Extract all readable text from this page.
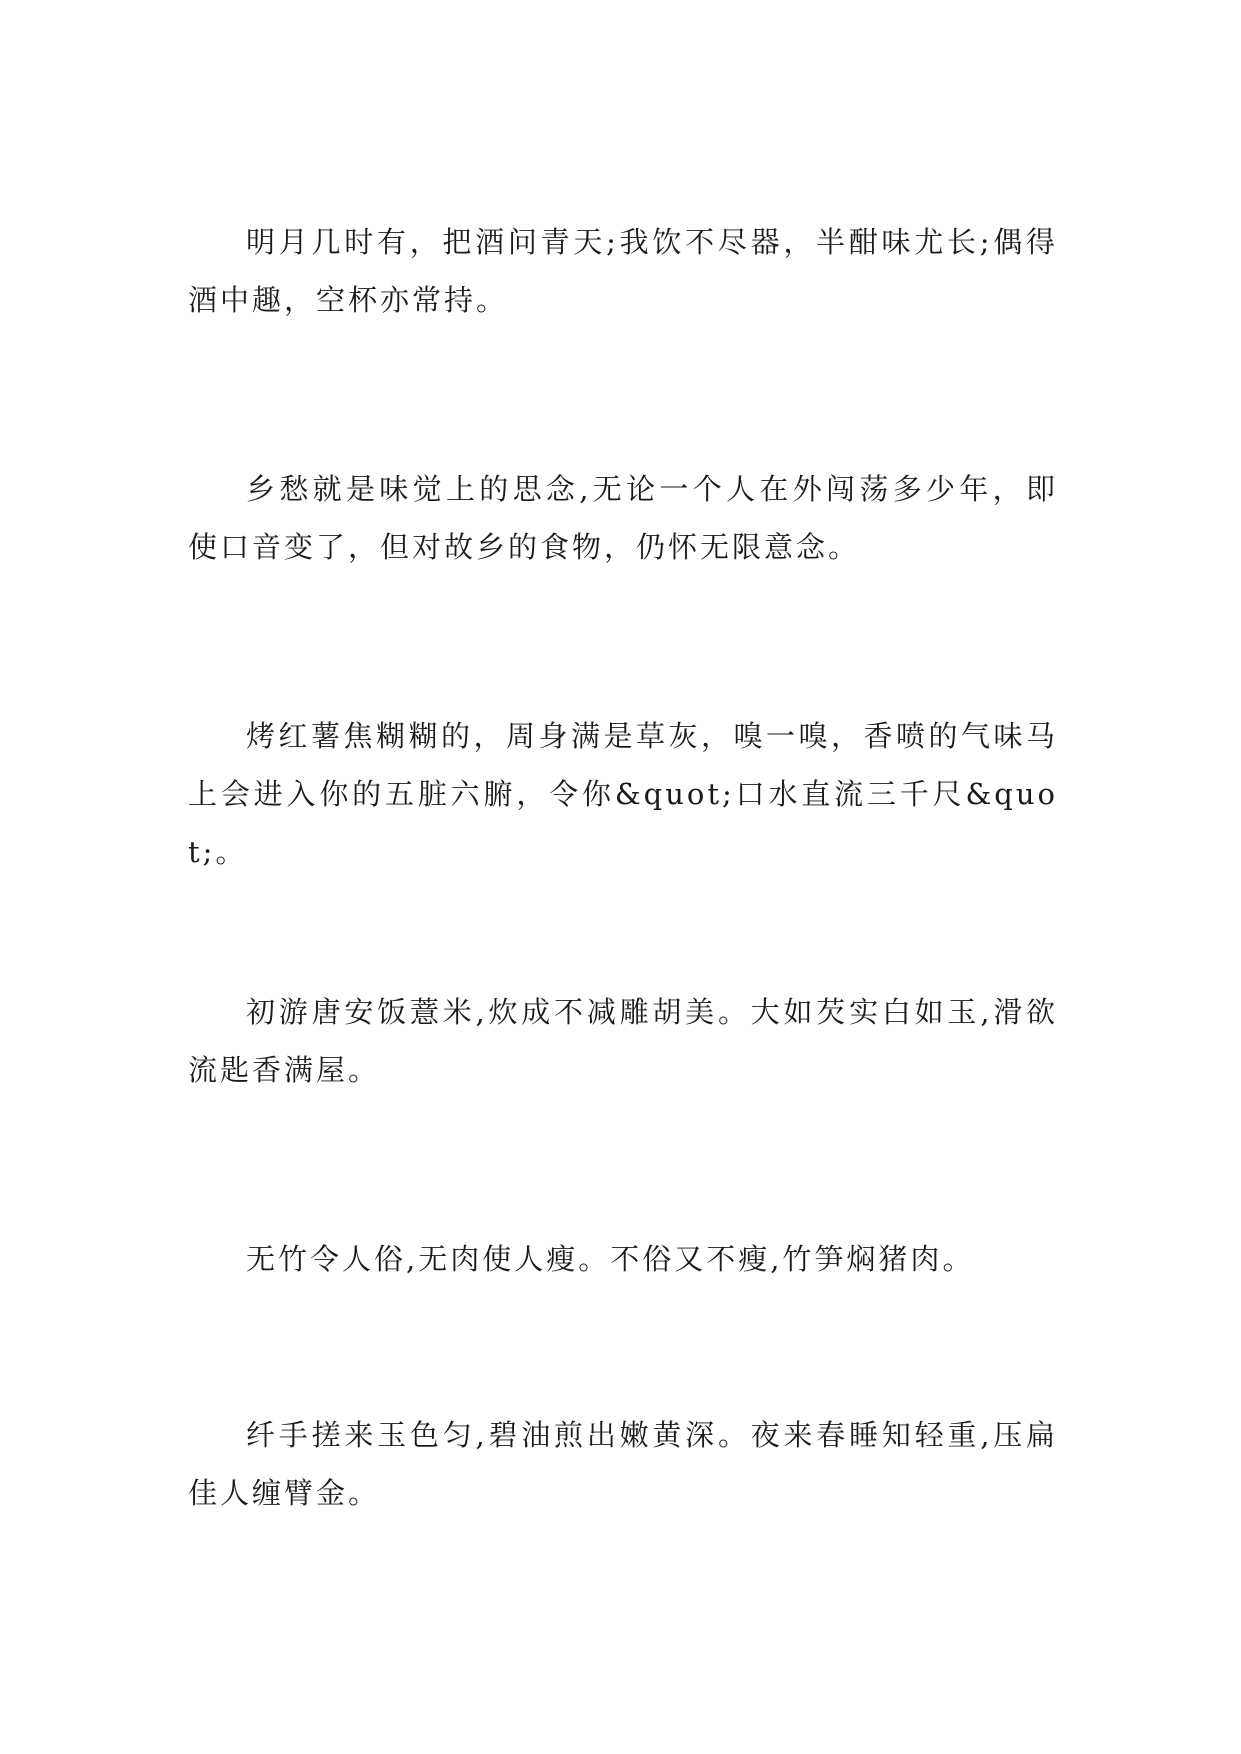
明月几时有，把酒问青天;我饮不尽器，半酣味尤长;偶得酒中趣，空杯亦常持。

乡愁就是味觉上的思念,无论一个人在外闯荡多少年，即使口音变了，但对故乡的食物，仍怀无限意念。

烤红薯焦糊糊的，周身满是草灰，嗅一嗅，香喷的气味马上会进入你的五脏六腑，令你&quot;口水直流三千尺&quot;。

初游唐安饭薏米,炊成不减雕胡美。大如芡实白如玉,滑欲流匙香满屋。

无竹令人俗,无肉使人瘦。不俗又不瘦,竹笋焖猪肉。

纤手搓来玉色匀,碧油煎出嫩黄深。夜来春睡知轻重,压扁佳人缠臂金。
